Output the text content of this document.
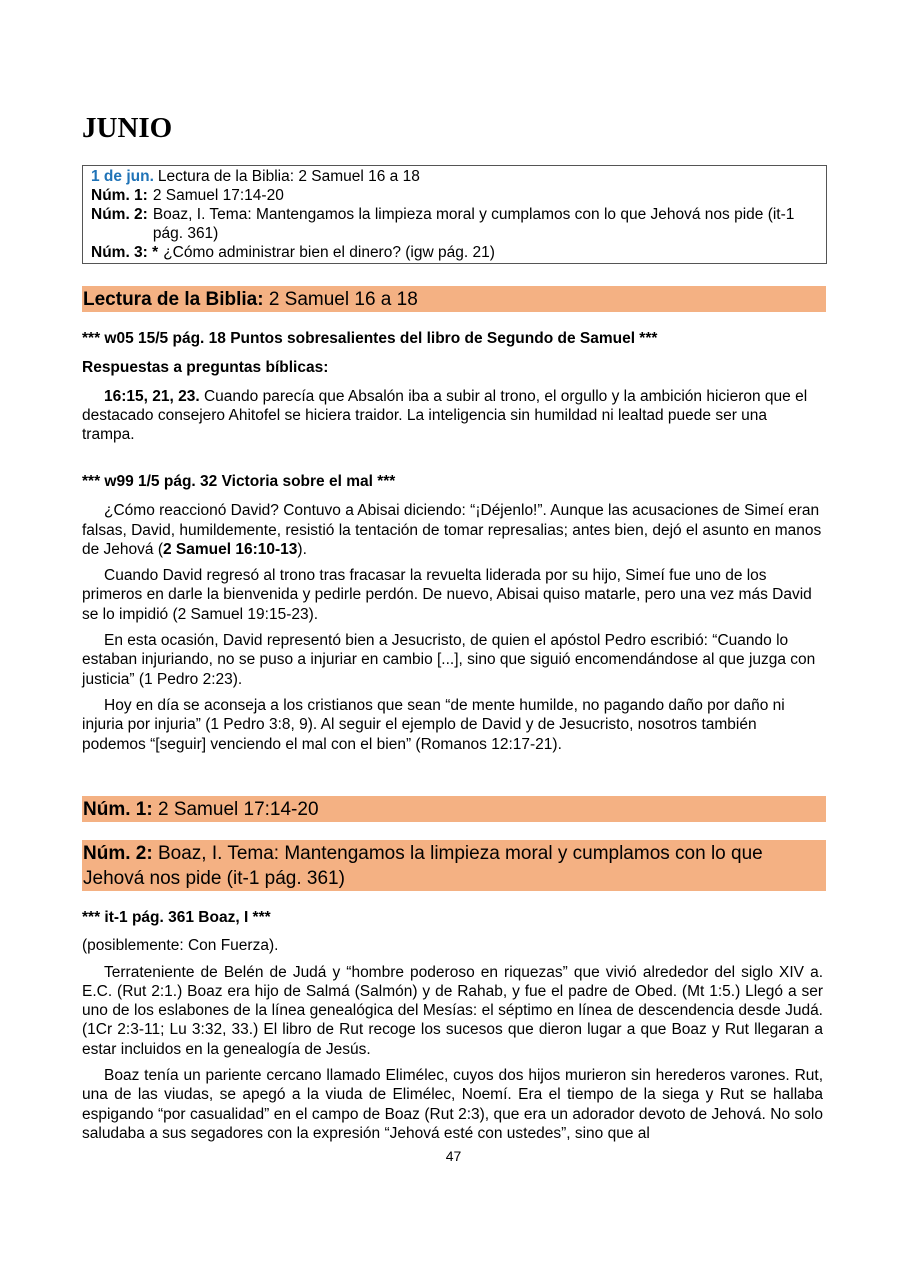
JUNIO
1 de jun. Lectura de la Biblia: 2 Samuel 16 a 18
Núm. 1: 2 Samuel 17:14-20
Núm. 2: Boaz, I. Tema: Mantengamos la limpieza moral y cumplamos con lo que Jehová nos pide (it-1 pág. 361)
Núm. 3: * ¿Cómo administrar bien el dinero? (igw pág. 21)
Lectura de la Biblia: 2 Samuel 16 a 18

*** w05 15/5 pág. 18 Puntos sobresalientes del libro de Segundo de Samuel ***

Respuestas a preguntas bíblicas:

16:15, 21, 23. Cuando parecía que Absalón iba a subir al trono, el orgullo y la ambición hicieron que el destacado consejero Ahitofel se hiciera traidor. La inteligencia sin humildad ni lealtad puede ser una trampa.

*** w99 1/5 pág. 32 Victoria sobre el mal ***

¿Cómo reaccionó David? Contuvo a Abisai diciendo: “¡Déjenlo!”. Aunque las acusaciones de Simeí eran falsas, David, humildemente, resistió la tentación de tomar represalias; antes bien, dejó el asunto en manos de Jehová (2 Samuel 16:10-13).

Cuando David regresó al trono tras fracasar la revuelta liderada por su hijo, Simeí fue uno de los primeros en darle la bienvenida y pedirle perdón. De nuevo, Abisai quiso matarle, pero una vez más David se lo impidió (2 Samuel 19:15-23).

En esta ocasión, David representó bien a Jesucristo, de quien el apóstol Pedro escribió: “Cuando lo estaban injuriando, no se puso a injuriar en cambio [...], sino que siguió encomendándose al que juzga con justicia” (1 Pedro 2:23).

Hoy en día se aconseja a los cristianos que sean “de mente humilde, no pagando daño por daño ni injuria por injuria” (1 Pedro 3:8, 9). Al seguir el ejemplo de David y de Jesucristo, nosotros también podemos “[seguir] venciendo el mal con el bien” (Romanos 12:17-21).

Núm. 1: 2 Samuel 17:14-20
Núm. 2: Boaz, I. Tema: Mantengamos la limpieza moral y cumplamos con lo que Jehová nos pide (it-1 pág. 361)

*** it-1 pág. 361 Boaz, I ***

(posiblemente: Con Fuerza).

Terrateniente de Belén de Judá y “hombre poderoso en riquezas” que vivió alrededor del siglo XIV a. E.C. (Rut 2:1.) Boaz era hijo de Salmá (Salmón) y de Rahab, y fue el padre de Obed. (Mt 1:5.) Llegó a ser uno de los eslabones de la línea genealógica del Mesías: el séptimo en línea de descendencia desde Judá. (1Cr 2:3-11; Lu 3:32, 33.) El libro de Rut recoge los sucesos que dieron lugar a que Boaz y Rut llegaran a estar incluidos en la genealogía de Jesús.

Boaz tenía un pariente cercano llamado Elimélec, cuyos dos hijos murieron sin herederos varones. Rut, una de las viudas, se apegó a la viuda de Elimélec, Noemí. Era el tiempo de la siega y Rut se hallaba espigando “por casualidad” en el campo de Boaz (Rut 2:3), que era un adorador devoto de Jehová. No solo saludaba a sus segadores con la expresión “Jehová esté con ustedes”, sino que al

47
